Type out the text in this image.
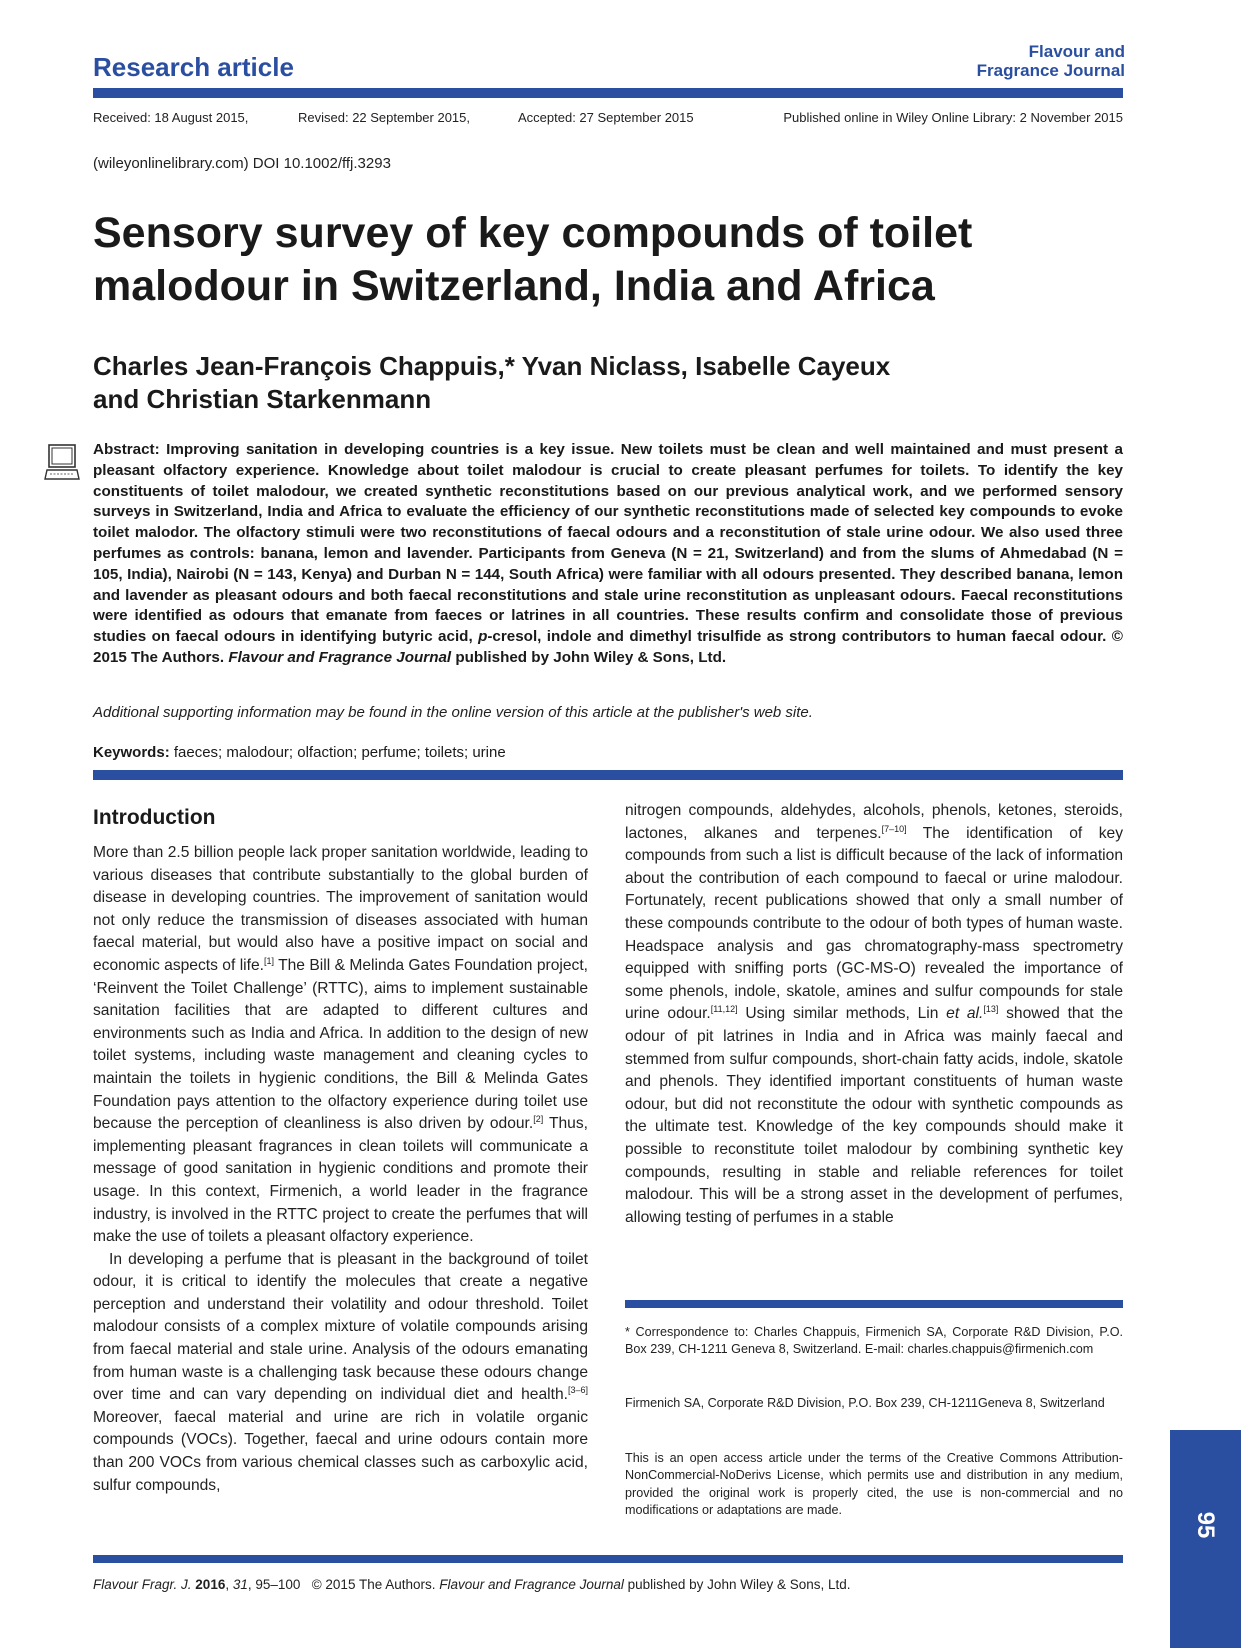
Research article
Flavour and
Fragrance Journal
Received: 18 August 2015,	Revised: 22 September 2015,	Accepted: 27 September 2015	Published online in Wiley Online Library: 2 November 2015
(wileyonlinelibrary.com) DOI 10.1002/ffj.3293
Sensory survey of key compounds of toilet malodour in Switzerland, India and Africa
Charles Jean-François Chappuis,* Yvan Niclass, Isabelle Cayeux
and Christian Starkenmann
Abstract: Improving sanitation in developing countries is a key issue. New toilets must be clean and well maintained and must present a pleasant olfactory experience. Knowledge about toilet malodour is crucial to create pleasant perfumes for toilets. To identify the key constituents of toilet malodour, we created synthetic reconstitutions based on our previous analytical work, and we performed sensory surveys in Switzerland, India and Africa to evaluate the efficiency of our synthetic reconstitutions made of selected key compounds to evoke toilet malodor. The olfactory stimuli were two reconstitutions of faecal odours and a reconstitution of stale urine odour. We also used three perfumes as controls: banana, lemon and lavender. Participants from Geneva (N = 21, Switzerland) and from the slums of Ahmedabad (N = 105, India), Nairobi (N = 143, Kenya) and Durban N = 144, South Africa) were familiar with all odours presented. They described banana, lemon and lavender as pleasant odours and both faecal reconstitutions and stale urine reconstitution as unpleasant odours. Faecal reconstitutions were identified as odours that emanate from faeces or latrines in all countries. These results confirm and consolidate those of previous studies on faecal odours in identifying butyric acid, p-cresol, indole and dimethyl trisulfide as strong contributors to human faecal odour. © 2015 The Authors. Flavour and Fragrance Journal published by John Wiley & Sons, Ltd.
Additional supporting information may be found in the online version of this article at the publisher's web site.
Keywords: faeces; malodour; olfaction; perfume; toilets; urine
Introduction

More than 2.5 billion people lack proper sanitation worldwide, leading to various diseases that contribute substantially to the global burden of disease in developing countries. The improvement of sanitation would not only reduce the transmission of diseases associated with human faecal material, but would also have a positive impact on social and economic aspects of life.[1] The Bill & Melinda Gates Foundation project, ‘Reinvent the Toilet Challenge’ (RTTC), aims to implement sustainable sanitation facilities that are adapted to different cultures and environments such as India and Africa. In addition to the design of new toilet systems, including waste management and cleaning cycles to maintain the toilets in hygienic conditions, the Bill & Melinda Gates Foundation pays attention to the olfactory experience during toilet use because the perception of cleanliness is also driven by odour.[2] Thus, implementing pleasant fragrances in clean toilets will communicate a message of good sanitation in hygienic conditions and promote their usage. In this context, Firmenich, a world leader in the fragrance industry, is involved in the RTTC project to create the perfumes that will make the use of toilets a pleasant olfactory experience.

In developing a perfume that is pleasant in the background of toilet odour, it is critical to identify the molecules that create a negative perception and understand their volatility and odour threshold. Toilet malodour consists of a complex mixture of volatile compounds arising from faecal material and stale urine. Analysis of the odours emanating from human waste is a challenging task because these odours change over time and can vary depending on individual diet and health.[3–6] Moreover, faecal material and urine are rich in volatile organic compounds (VOCs). Together, faecal and urine odours contain more than 200 VOCs from various chemical classes such as carboxylic acid, sulfur compounds,

nitrogen compounds, aldehydes, alcohols, phenols, ketones, steroids, lactones, alkanes and terpenes.[7–10] The identification of key compounds from such a list is difficult because of the lack of information about the contribution of each compound to faecal or urine malodour. Fortunately, recent publications showed that only a small number of these compounds contribute to the odour of both types of human waste. Headspace analysis and gas chromatography-mass spectrometry equipped with sniffing ports (GC-MS-O) revealed the importance of some phenols, indole, skatole, amines and sulfur compounds for stale urine odour.[11,12] Using similar methods, Lin et al.[13] showed that the odour of pit latrines in India and in Africa was mainly faecal and stemmed from sulfur compounds, short-chain fatty acids, indole, skatole and phenols. They identified important constituents of human waste odour, but did not reconstitute the odour with synthetic compounds as the ultimate test. Knowledge of the key compounds should make it possible to reconstitute toilet malodour by combining synthetic key compounds, resulting in stable and reliable references for toilet malodour. This will be a strong asset in the development of perfumes, allowing testing of perfumes in a stable

* Correspondence to: Charles Chappuis, Firmenich SA, Corporate R&D Division, P.O. Box 239, CH-1211 Geneva 8, Switzerland. E-mail: charles.chappuis@firmenich.com
Firmenich SA, Corporate R&D Division, P.O. Box 239, CH-1211Geneva 8, Switzerland
This is an open access article under the terms of the Creative Commons Attribution-NonCommercial-NoDerivs License, which permits use and distribution in any medium, provided the original work is properly cited, the use is non-commercial and no modifications or adaptations are made.
95
Flavour Fragr. J. 2016, 31, 95–100 © 2015 The Authors. Flavour and Fragrance Journal published by John Wiley & Sons, Ltd.
